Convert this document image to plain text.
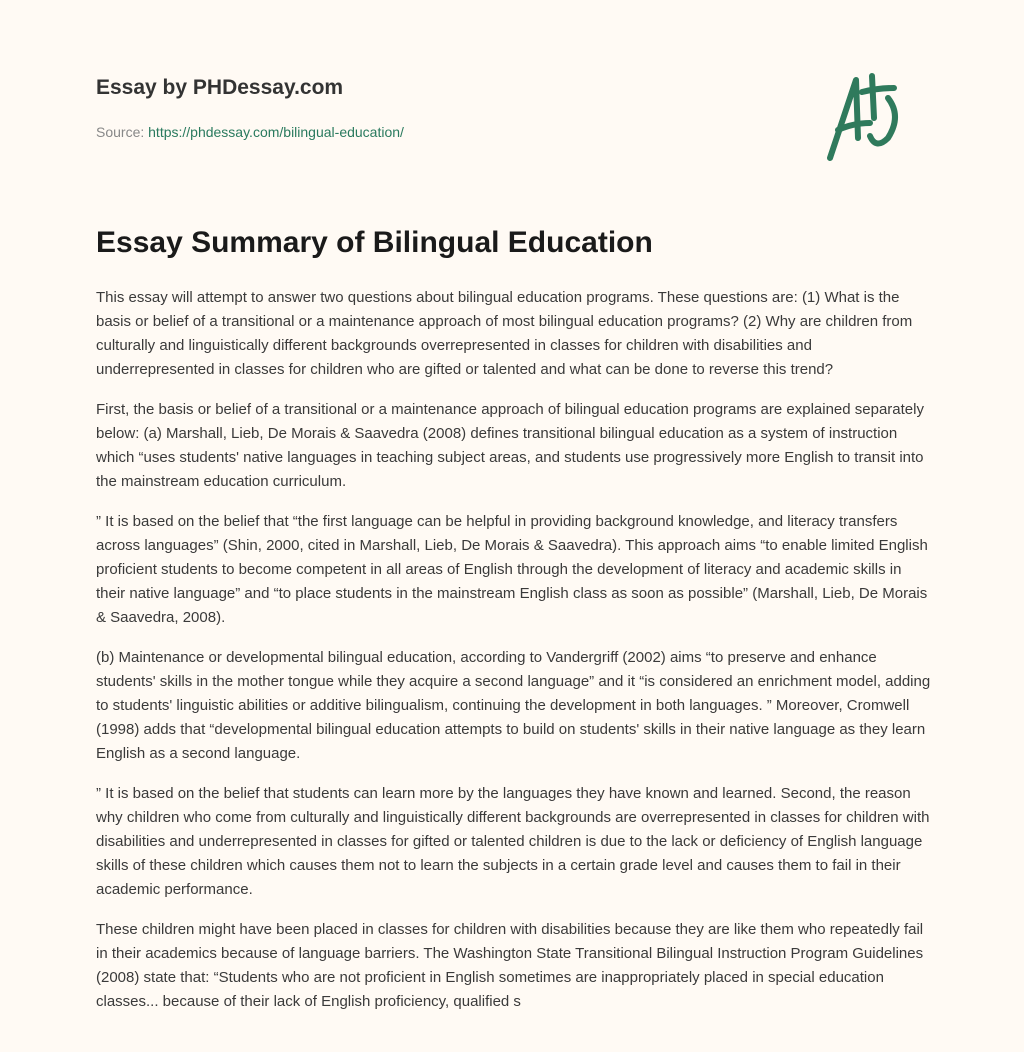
Essay by PHDessay.com
Source: https://phdessay.com/bilingual-education/
Essay Summary of Bilingual Education

This essay will attempt to answer two questions about bilingual education programs. These questions are: (1) What is the basis or belief of a transitional or a maintenance approach of most bilingual education programs? (2) Why are children from culturally and linguistically different backgrounds overrepresented in classes for children with disabilities and underrepresented in classes for children who are gifted or talented and what can be done to reverse this trend?

First, the basis or belief of a transitional or a maintenance approach of bilingual education programs are explained separately below: (a) Marshall, Lieb, De Morais & Saavedra (2008) defines transitional bilingual education as a system of instruction which “uses students' native languages in teaching subject areas, and students use progressively more English to transit into the mainstream education curriculum.

” It is based on the belief that “the first language can be helpful in providing background knowledge, and literacy transfers across languages” (Shin, 2000, cited in Marshall, Lieb, De Morais & Saavedra). This approach aims “to enable limited English proficient students to become competent in all areas of English through the development of literacy and academic skills in their native language” and “to place students in the mainstream English class as soon as possible” (Marshall, Lieb, De Morais & Saavedra, 2008).

(b) Maintenance or developmental bilingual education, according to Vandergriff (2002) aims “to preserve and enhance students' skills in the mother tongue while they acquire a second language” and it “is considered an enrichment model, adding to students' linguistic abilities or additive bilingualism, continuing the development in both languages. ” Moreover, Cromwell (1998) adds that “developmental bilingual education attempts to build on students' skills in their native language as they learn English as a second language.

” It is based on the belief that students can learn more by the languages they have known and learned. Second, the reason why children who come from culturally and linguistically different backgrounds are overrepresented in classes for children with disabilities and underrepresented in classes for gifted or talented children is due to the lack or deficiency of English language skills of these children which causes them not to learn the subjects in a certain grade level and causes them to fail in their academic performance.

These children might have been placed in classes for children with disabilities because they are like them who repeatedly fail in their academics because of language barriers. The Washington State Transitional Bilingual Instruction Program Guidelines (2008) state that: “Students who are not proficient in English sometimes are inappropriately placed in special education classes... because of their lack of English proficiency, qualified s
